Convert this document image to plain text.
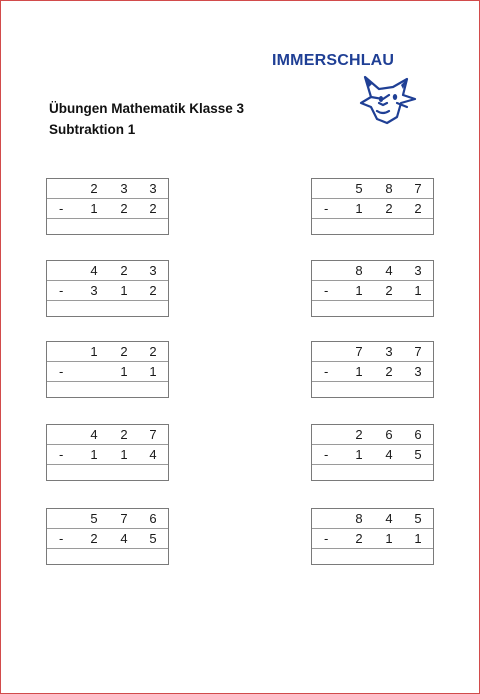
IMMERSCHLAU
Übungen Mathematik Klasse 3
Subtraktion 1
2 3 3
- 1 2 2
4 2 3
- 3 1 2
1 2 2
-	1 1
4 2 7
- 1 1 4
5 7 6
- 2 4 5
5 8 7
- 1 2 2
8 4 3
- 1 2 1
7 3 7
- 1 2 3
2 6 6
- 1 4 5
8 4 5
- 2 1 1
